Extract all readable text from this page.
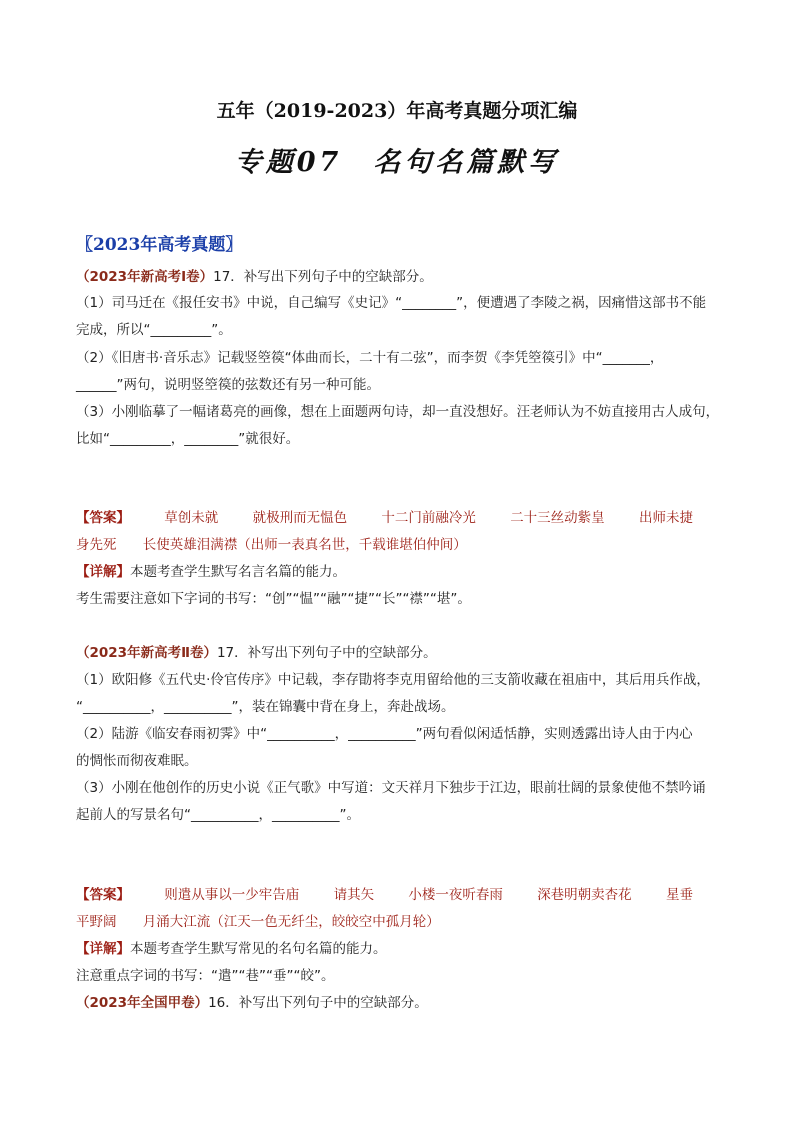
五年（2019-2023）年高考真题分项汇编
专题07　名句名篇默写
〖2023年高考真题〗
（2023年新高考Ⅰ卷）17．补写出下列句子中的空缺部分。
（1）司马迁在《报任安书》中说，自己编写《史记》“________”，便遭遇了李陵之祸，因痛惜这部书不能
完成，所以“_________”。
（2）《旧唐书·音乐志》记载竖箜篌“体曲而长，二十有二弦”，而李贺《李凭箜篌引》中“_______，
______”两句，说明竖箜篌的弦数还有另一种可能。
（3）小刚临摹了一幅诸葛亮的画像，想在上面题两句诗，却一直没想好。汪老师认为不妨直接用古人成句，
比如“_________，________”就很好。
【答案】	草创未就	就极刑而无愠色	十二门前融冷光	二十三丝动紫皇	出师未捷
身先死 长使英雄泪满襟（出师一表真名世，千载谁堪伯仲间）
【详解】本题考查学生默写名言名篇的能力。
考生需要注意如下字词的书写：“创”“愠”“融”“捷”“长”“襟”“堪”。
（2023年新高考Ⅱ卷）17．补写出下列句子中的空缺部分。
（1）欧阳修《五代史·伶官传序》中记载，李存勖将李克用留给他的三支箭收藏在祖庙中，其后用兵作战，
“__________，__________”，装在锦囊中背在身上，奔赴战场。
（2）陆游《临安春雨初霁》中“__________，__________”两句看似闲适恬静，实则透露出诗人由于内心
的惆怅而彻夜难眠。
（3）小刚在他创作的历史小说《正气歌》中写道：文天祥月下独步于江边，眼前壮阔的景象使他不禁吟诵
起前人的写景名句“__________，__________”。
【答案】	则遣从事以一少牢告庙	请其矢	小楼一夜听春雨	深巷明朝卖杏花	星垂
平野阔 月涌大江流（江天一色无纤尘，皎皎空中孤月轮）
【详解】本题考查学生默写常见的名句名篇的能力。
注意重点字词的书写：“遣”“巷”“垂”“皎”。
（2023年全国甲卷）16．补写出下列句子中的空缺部分。
